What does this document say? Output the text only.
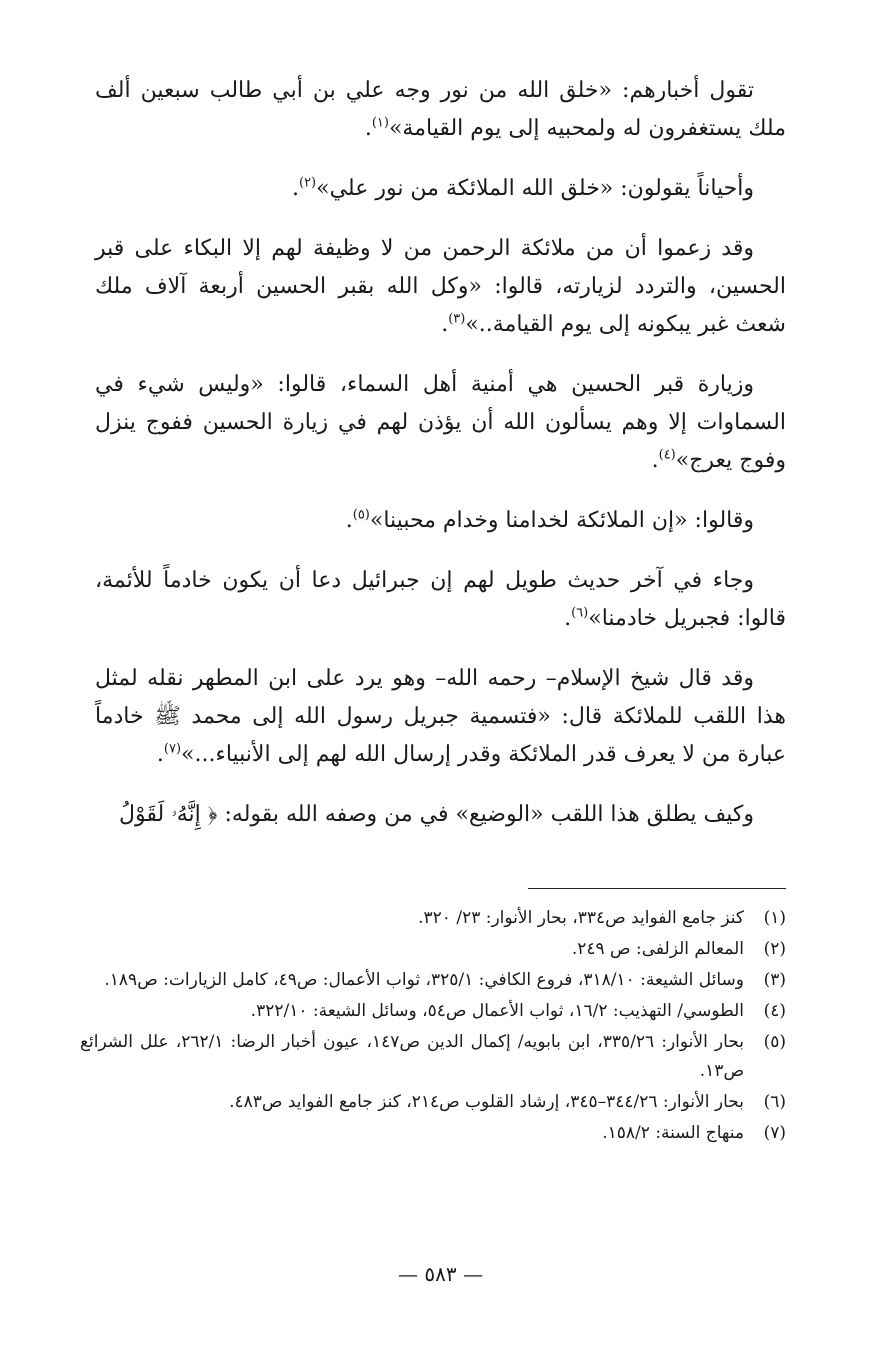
تقول أخبارهم: «خلق الله من نور وجه علي بن أبي طالب سبعين ألف ملك يستغفرون له ولمحبيه إلى يوم القيامة»$^{(١)}$.

وأحياناً يقولون: «خلق الله الملائكة من نور علي»$^{(٢)}$.

وقد زعموا أن من ملائكة الرحمن من لا وظيفة لهم إلا البكاء على قبر الحسين، والتردد لزيارته، قالوا: «وكل الله بقبر الحسين أربعة آلاف ملك شعث غبر يبكونه إلى يوم القيامة..»$^{(٣)}$.

وزيارة قبر الحسين هي أمنية أهل السماء، قالوا: «وليس شيء في السماوات إلا وهم يسألون الله أن يؤذن لهم في زيارة الحسين ففوج ينزل وفوج يعرج»$^{(٤)}$.

وقالوا: «إن الملائكة لخدامنا وخدام محبينا»$^{(٥)}$.

وجاء في آخر حديث طويل لهم إن جبرائيل دعا أن يكون خادماً للأئمة، قالوا: فجبريل خادمنا»$^{(٦)}$.

وقد قال شيخ الإسلام– رحمه الله– وهو يرد على ابن المطهر نقله لمثل هذا اللقب للملائكة قال: «فتسمية جبريل رسول الله إلى محمد ﷺ خادماً عبارة من لا يعرف قدر الملائكة وقدر إرسال الله لهم إلى الأنبياء...»$^{(٧)}$.

وكيف يطلق هذا اللقب «الوضيع» في من وصفه الله بقوله: ﴿ إِنَّهُۥ لَقَوْلُ

(١)
كنز جامع الفوايد ص٣٣٤، بحار الأنوار: ٢٣/ ٣٢٠.
(٢)
المعالم الزلفى: ص ٢٤٩.
(٣)
وسائل الشيعة: ٣١٨/١٠، فروع الكافي: ٣٢٥/١، ثواب الأعمال: ص٤٩، كامل الزيارات: ص١٨٩.
(٤)
الطوسي/ التهذيب: ١٦/٢، ثواب الأعمال ص٥٤، وسائل الشيعة: ٣٢٢/١٠.
(٥)
بحار الأنوار: ٣٣٥/٢٦، ابن بابويه/ إكمال الدين ص١٤٧، عيون أخبار الرضا: ٢٦٢/١، علل الشرائع ص١٣.
(٦)
بحار الأنوار: ٣٤٤/٢٦–٣٤٥، إرشاد القلوب ص٢١٤، كنز جامع الفوايد ص٤٨٣.
(٧)
منهاج السنة: ١٥٨/٢.
— ٥٨٣ —
